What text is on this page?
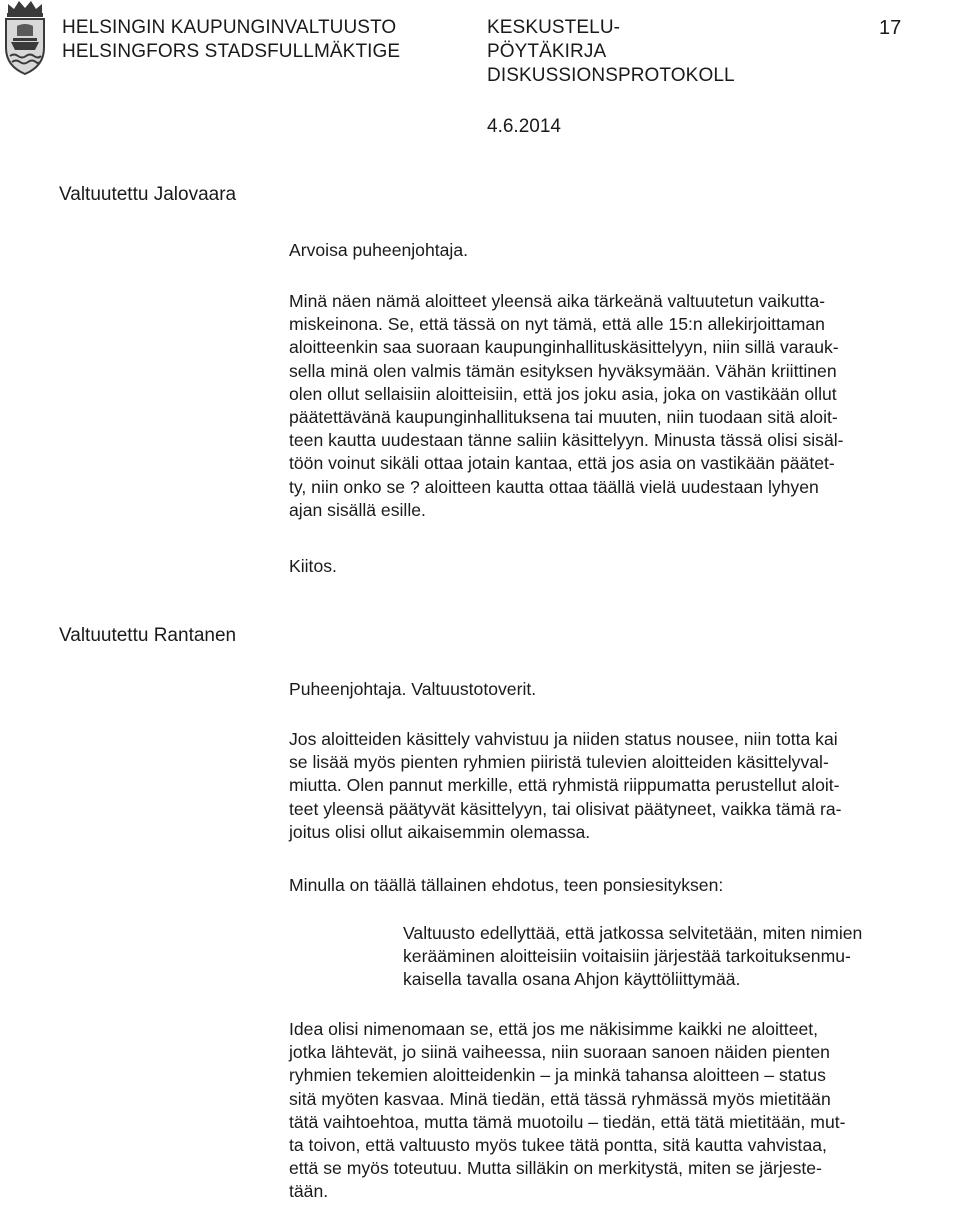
HELSINGIN KAUPUNGINVALTUUSTO
HELSINGFORS STADSFULLMÄKTIGE
KESKUSTELU-
PÖYTÄKIRJA
DISKUSSIONSPROTOKOLL
4.6.2014
17
Valtuutettu Jalovaara
Arvoisa puheenjohtaja.
Minä näen nämä aloitteet yleensä aika tärkeänä valtuutetun vaikutta-
miskeinona. Se, että tässä on nyt tämä, että alle 15:n allekirjoittaman
aloitteenkin saa suoraan kaupunginhallituskäsittelyyn, niin sillä varauk-
sella minä olen valmis tämän esityksen hyväksymään. Vähän kriittinen
olen ollut sellaisiin aloitteisiin, että jos joku asia, joka on vastikään ollut
päätettävänä kaupunginhallituksena tai muuten, niin tuodaan sitä aloit-
teen kautta uudestaan tänne saliin käsittelyyn. Minusta tässä olisi sisäl-
töön voinut sikäli ottaa jotain kantaa, että jos asia on vastikään päätet-
ty, niin onko se ? aloitteen kautta ottaa täällä vielä uudestaan lyhyen
ajan sisällä esille.
Kiitos.
Valtuutettu Rantanen
Puheenjohtaja. Valtuustotoverit.
Jos aloitteiden käsittely vahvistuu ja niiden status nousee, niin totta kai
se lisää myös pienten ryhmien piiristä tulevien aloitteiden käsittelyval-
miutta. Olen pannut merkille, että ryhmistä riippumatta perustellut aloit-
teet yleensä päätyvät käsittelyyn, tai olisivat päätyneet, vaikka tämä ra-
joitus olisi ollut aikaisemmin olemassa.
Minulla on täällä tällainen ehdotus, teen ponsiesityksen:
Valtuusto edellyttää, että jatkossa selvitetään, miten nimien
kerääminen aloitteisiin voitaisiin järjestää tarkoituksenmu-
kaisella tavalla osana Ahjon käyttöliittymää.
Idea olisi nimenomaan se, että jos me näkisimme kaikki ne aloitteet,
jotka lähtevät, jo siinä vaiheessa, niin suoraan sanoen näiden pienten
ryhmien tekemien aloitteidenkin – ja minkä tahansa aloitteen – status
sitä myöten kasvaa. Minä tiedän, että tässä ryhmässä myös mietitään
tätä vaihtoehtoa, mutta tämä muotoilu – tiedän, että tätä mietitään, mut-
ta toivon, että valtuusto myös tukee tätä pontta, sitä kautta vahvistaa,
että se myös toteutuu. Mutta silläkin on merkitystä, miten se järjeste-
tään.
